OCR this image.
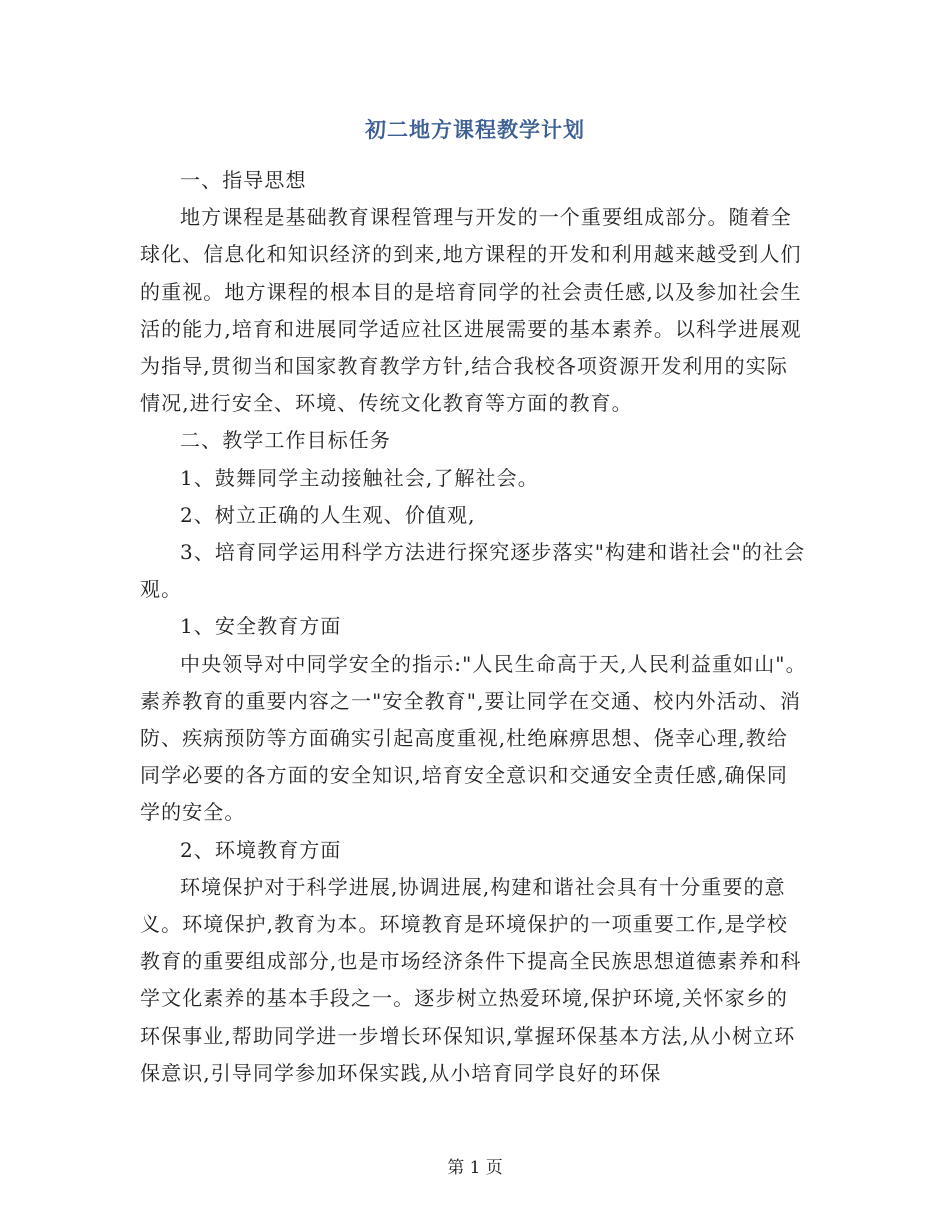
初二地方课程教学计划

一、指导思想

地方课程是基础教育课程管理与开发的一个重要组成部分。随着全球化、信息化和知识经济的到来,地方课程的开发和利用越来越受到人们的重视。地方课程的根本目的是培育同学的社会责任感,以及参加社会生活的能力,培育和进展同学适应社区进展需要的基本素养。以科学进展观为指导,贯彻当和国家教育教学方针,结合我校各项资源开发利用的实际情况,进行安全、环境、传统文化教育等方面的教育。

二、教学工作目标任务

1、鼓舞同学主动接触社会,了解社会。

2、树立正确的人生观、价值观,

3、培育同学运用科学方法进行探究逐步落实"构建和谐社会"的社会观。

1、安全教育方面

中央领导对中同学安全的指示:"人民生命高于天,人民利益重如山"。素养教育的重要内容之一"安全教育",要让同学在交通、校内外活动、消防、疾病预防等方面确实引起高度重视,杜绝麻痹思想、侥幸心理,教给同学必要的各方面的安全知识,培育安全意识和交通安全责任感,确保同学的安全。

2、环境教育方面

环境保护对于科学进展,协调进展,构建和谐社会具有十分重要的意义。环境保护,教育为本。环境教育是环境保护的一项重要工作,是学校教育的重要组成部分,也是市场经济条件下提高全民族思想道德素养和科学文化素养的基本手段之一。逐步树立热爱环境,保护环境,关怀家乡的环保事业,帮助同学进一步增长环保知识,掌握环保基本方法,从小树立环保意识,引导同学参加环保实践,从小培育同学良好的环保

第 1 页
